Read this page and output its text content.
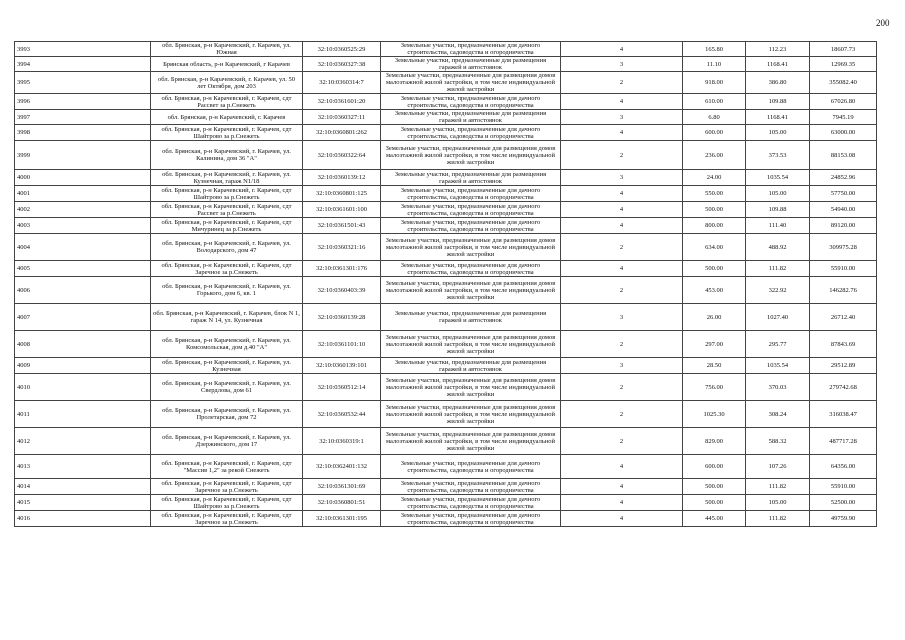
200
3993	обл. Брянская, р-н Карачевский, г. Карачев, ул. Южная	32:10:0360525:29	Земельные участки, предназначенные для дачного строительства, садоводства и огородничества	4	165.80	112.23	18607.73
3994	Брянская область, р-н Карачевский, г Карачев	32:10:0360327:38	Земельные участки, предназначенные для размещения гаражей и автостоянок	3	11.10	1168.41	12969.35
3995	обл. Брянская, р-н Карачевский, г. Карачев, ул. 50 лет Октября, дом 203	32:10:0360314:7	Земельные участки, предназначенные для размещения домов малоэтажной жилой застройки, в том числе индивидуальной жилой застройки	2	918.00	386.80	355082.40
3996	обл. Брянская, р-н Карачевский, г. Карачев, сдт Рассвет за р.Снежеть	32:10:0361601:20	Земельные участки, предназначенные для дачного строительства, садоводства и огородничества	4	610.00	109.88	67026.80
3997	обл. Брянская, р-н Карачевский, г. Карачев	32:10:0360327:11	Земельные участки, предназначенные для размещения гаражей и автостоянок	3	6.80	1168.41	7945.19
3998	обл. Брянская, р-н Карачевский, г. Карачев, сдт Шайтрово за р.Снежеть	32:10:0360801:262	Земельные участки, предназначенные для дачного строительства, садоводства и огородничества	4	600.00	105.00	63000.00
3999	обл. Брянская, р-н Карачевский, г. Карачев, ул. Калинина, дом 36 "А"	32:10:0360322:64	Земельные участки, предназначенные для размещения домов малоэтажной жилой застройки, в том числе индивидуальной жилой застройки	2	236.00	373.53	88153.08
4000	обл. Брянская, р-н Карачевский, г. Карачев, ул. Кузнечная, гараж N1/18	32:10:0360139:12	Земельные участки, предназначенные для размещения гаражей и автостоянок	3	24.00	1035.54	24852.96
4001	обл. Брянская, р-н Карачевский, г. Карачев, сдт Шайтрово за р.Снежеть	32:10:0360801:125	Земельные участки, предназначенные для дачного строительства, садоводства и огородничества	4	550.00	105.00	57750.00
4002	обл. Брянская, р-н Карачевский, г. Карачев, сдт Рассвет за р.Снежеть	32:10:0361601:100	Земельные участки, предназначенные для дачного строительства, садоводства и огородничества	4	500.00	109.88	54940.00
4003	обл. Брянская, р-н Карачевский, г. Карачев, сдт Мичуринец за р.Снежеть	32:10:0361501:43	Земельные участки, предназначенные для дачного строительства, садоводства и огородничества	4	800.00	111.40	89120.00
4004	обл. Брянская, р-н Карачевский, г. Карачев, ул. Володарского, дом 47	32:10:0360321:16	Земельные участки, предназначенные для размещения домов малоэтажной жилой застройки, в том числе индивидуальной жилой застройки	2	634.00	488.92	309975.28
4005	обл. Брянская, р-н Карачевский, г. Карачев, сдт Заречное за р.Снежеть	32:10:0361301:176	Земельные участки, предназначенные для дачного строительства, садоводства и огородничества	4	500.00	111.82	55910.00
4006	обл. Брянская, р-н Карачевский, г. Карачев, ул. Горького, дом 6, кв. 1	32:10:0360403:39	Земельные участки, предназначенные для размещения домов малоэтажной жилой застройки, в том числе индивидуальной жилой застройки	2	453.00	322.92	146282.76
4007	обл. Брянская, р-н Карачевский, г. Карачев, блок N 1, гараж N 14, ул. Кузнечная	32:10:0360139:28	Земельные участки, предназначенные для размещения гаражей и автостоянок	3	26.00	1027.40	26712.40
4008	обл. Брянская, р-н Карачевский, г. Карачев, ул. Комсомольская, дом д.40 "А"	32:10:0361101:10	Земельные участки, предназначенные для размещения домов малоэтажной жилой застройки, в том числе индивидуальной жилой застройки	2	297.00	295.77	87843.69
4009	обл. Брянская, р-н Карачевский, г. Карачев, ул. Кузнечная	32:10:0360139:101	Земельные участки, предназначенные для размещения гаражей и автостоянок	3	28.50	1035.54	29512.89
4010	обл. Брянская, р-н Карачевский, г. Карачев, ул. Свердлова, дом 61	32:10:0360512:14	Земельные участки, предназначенные для размещения домов малоэтажной жилой застройки, в том числе индивидуальной жилой застройки	2	756.00	370.03	279742.68
4011	обл. Брянская, р-н Карачевский, г. Карачев, ул. Пролетарская, дом 72	32:10:0360532:44	Земельные участки, предназначенные для размещения домов малоэтажной жилой застройки, в том числе индивидуальной жилой застройки	2	1025.30	308.24	316038.47
4012	обл. Брянская, р-н Карачевский, г. Карачев, ул. Дзержинского, дом 17	32:10:0360319:1	Земельные участки, предназначенные для размещения домов малоэтажной жилой застройки, в том числе индивидуальной жилой застройки	2	829.00	588.32	487717.28
4013	обл. Брянская, р-н Карачевский, г. Карачев, сдт "Массив 1,2" за рекой Снежеть	32:10:0362401:132	Земельные участки, предназначенные для дачного строительства, садоводства и огородничества	4	600.00	107.26	64356.00
4014	обл. Брянская, р-н Карачевский, г. Карачев, сдт Заречное за р.Снежеть	32:10:0361301:69	Земельные участки, предназначенные для дачного строительства, садоводства и огородничества	4	500.00	111.82	55910.00
4015	обл. Брянская, р-н Карачевский, г. Карачев, сдт Шайтрово за р.Снежеть	32:10:0360801:51	Земельные участки, предназначенные для дачного строительства, садоводства и огородничества	4	500.00	105.00	52500.00
4016	обл. Брянская, р-н Карачевский, г. Карачев, сдт Заречное за р.Снежеть	32:10:0361301:195	Земельные участки, предназначенные для дачного строительства, садоводства и огородничества	4	445.00	111.82	49759.90
